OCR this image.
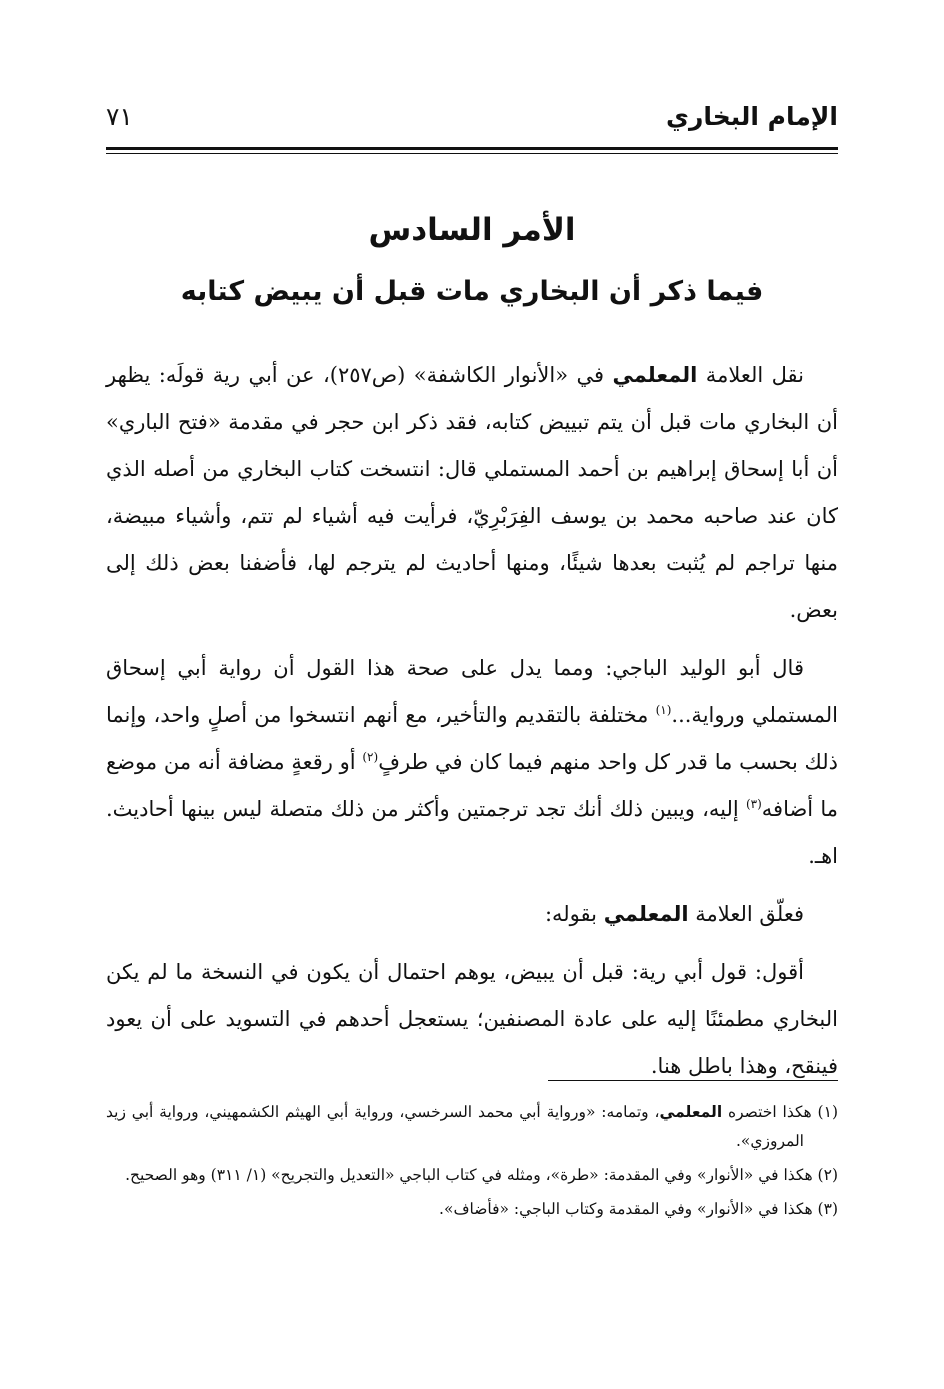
الإمام البخاري
٧١
الأمر السادس
فيما ذكر أن البخاري مات قبل أن يبيض كتابه

نقل العلامة المعلمي في «الأنوار الكاشفة» (ص٢٥٧)، عن أبي رية قولَه: يظهر أن البخاري مات قبل أن يتم تبييض كتابه، فقد ذكر ابن حجر في مقدمة «فتح الباري» أن أبا إسحاق إبراهيم بن أحمد المستملي قال: انتسخت كتاب البخاري من أصله الذي كان عند صاحبه محمد بن يوسف الفِرَبْرِيّ، فرأيت فيه أشياء لم تتم، وأشياء مبيضة، منها تراجم لم يُثبت بعدها شيئًا، ومنها أحاديث لم يترجم لها، فأضفنا بعض ذلك إلى بعض.

قال أبو الوليد الباجي: ومما يدل على صحة هذا القول أن رواية أبي إسحاق المستملي ورواية...$^{(١)}$ مختلفة بالتقديم والتأخير، مع أنهم انتسخوا من أصلٍ واحد، وإنما ذلك بحسب ما قدر كل واحد منهم فيما كان في طرفٍ$^{(٢)}$ أو رقعةٍ مضافة أنه من موضع ما أضافه$^{(٣)}$ إليه، ويبين ذلك أنك تجد ترجمتين وأكثر من ذلك متصلة ليس بينها أحاديث. اهـ.

فعلّق العلامة المعلمي بقوله:

أقول: قول أبي رية: قبل أن يبيض، يوهم احتمال أن يكون في النسخة ما لم يكن البخاري مطمئنًا إليه على عادة المصنفين؛ يستعجل أحدهم في التسويد على أن يعود فينقح، وهذا باطل هنا.

(١) هكذا اختصره المعلمي، وتمامه: «ورواية أبي محمد السرخسي، ورواية أبي الهيثم الكشمهيني، ورواية أبي زيد المروزي».

(٢) هكذا في «الأنوار» وفي المقدمة: «طرة»، ومثله في كتاب الباجي «التعديل والتجريح» (١/ ٣١١) وهو الصحيح.

(٣) هكذا في «الأنوار» وفي المقدمة وكتاب الباجي: «فأضاف».
